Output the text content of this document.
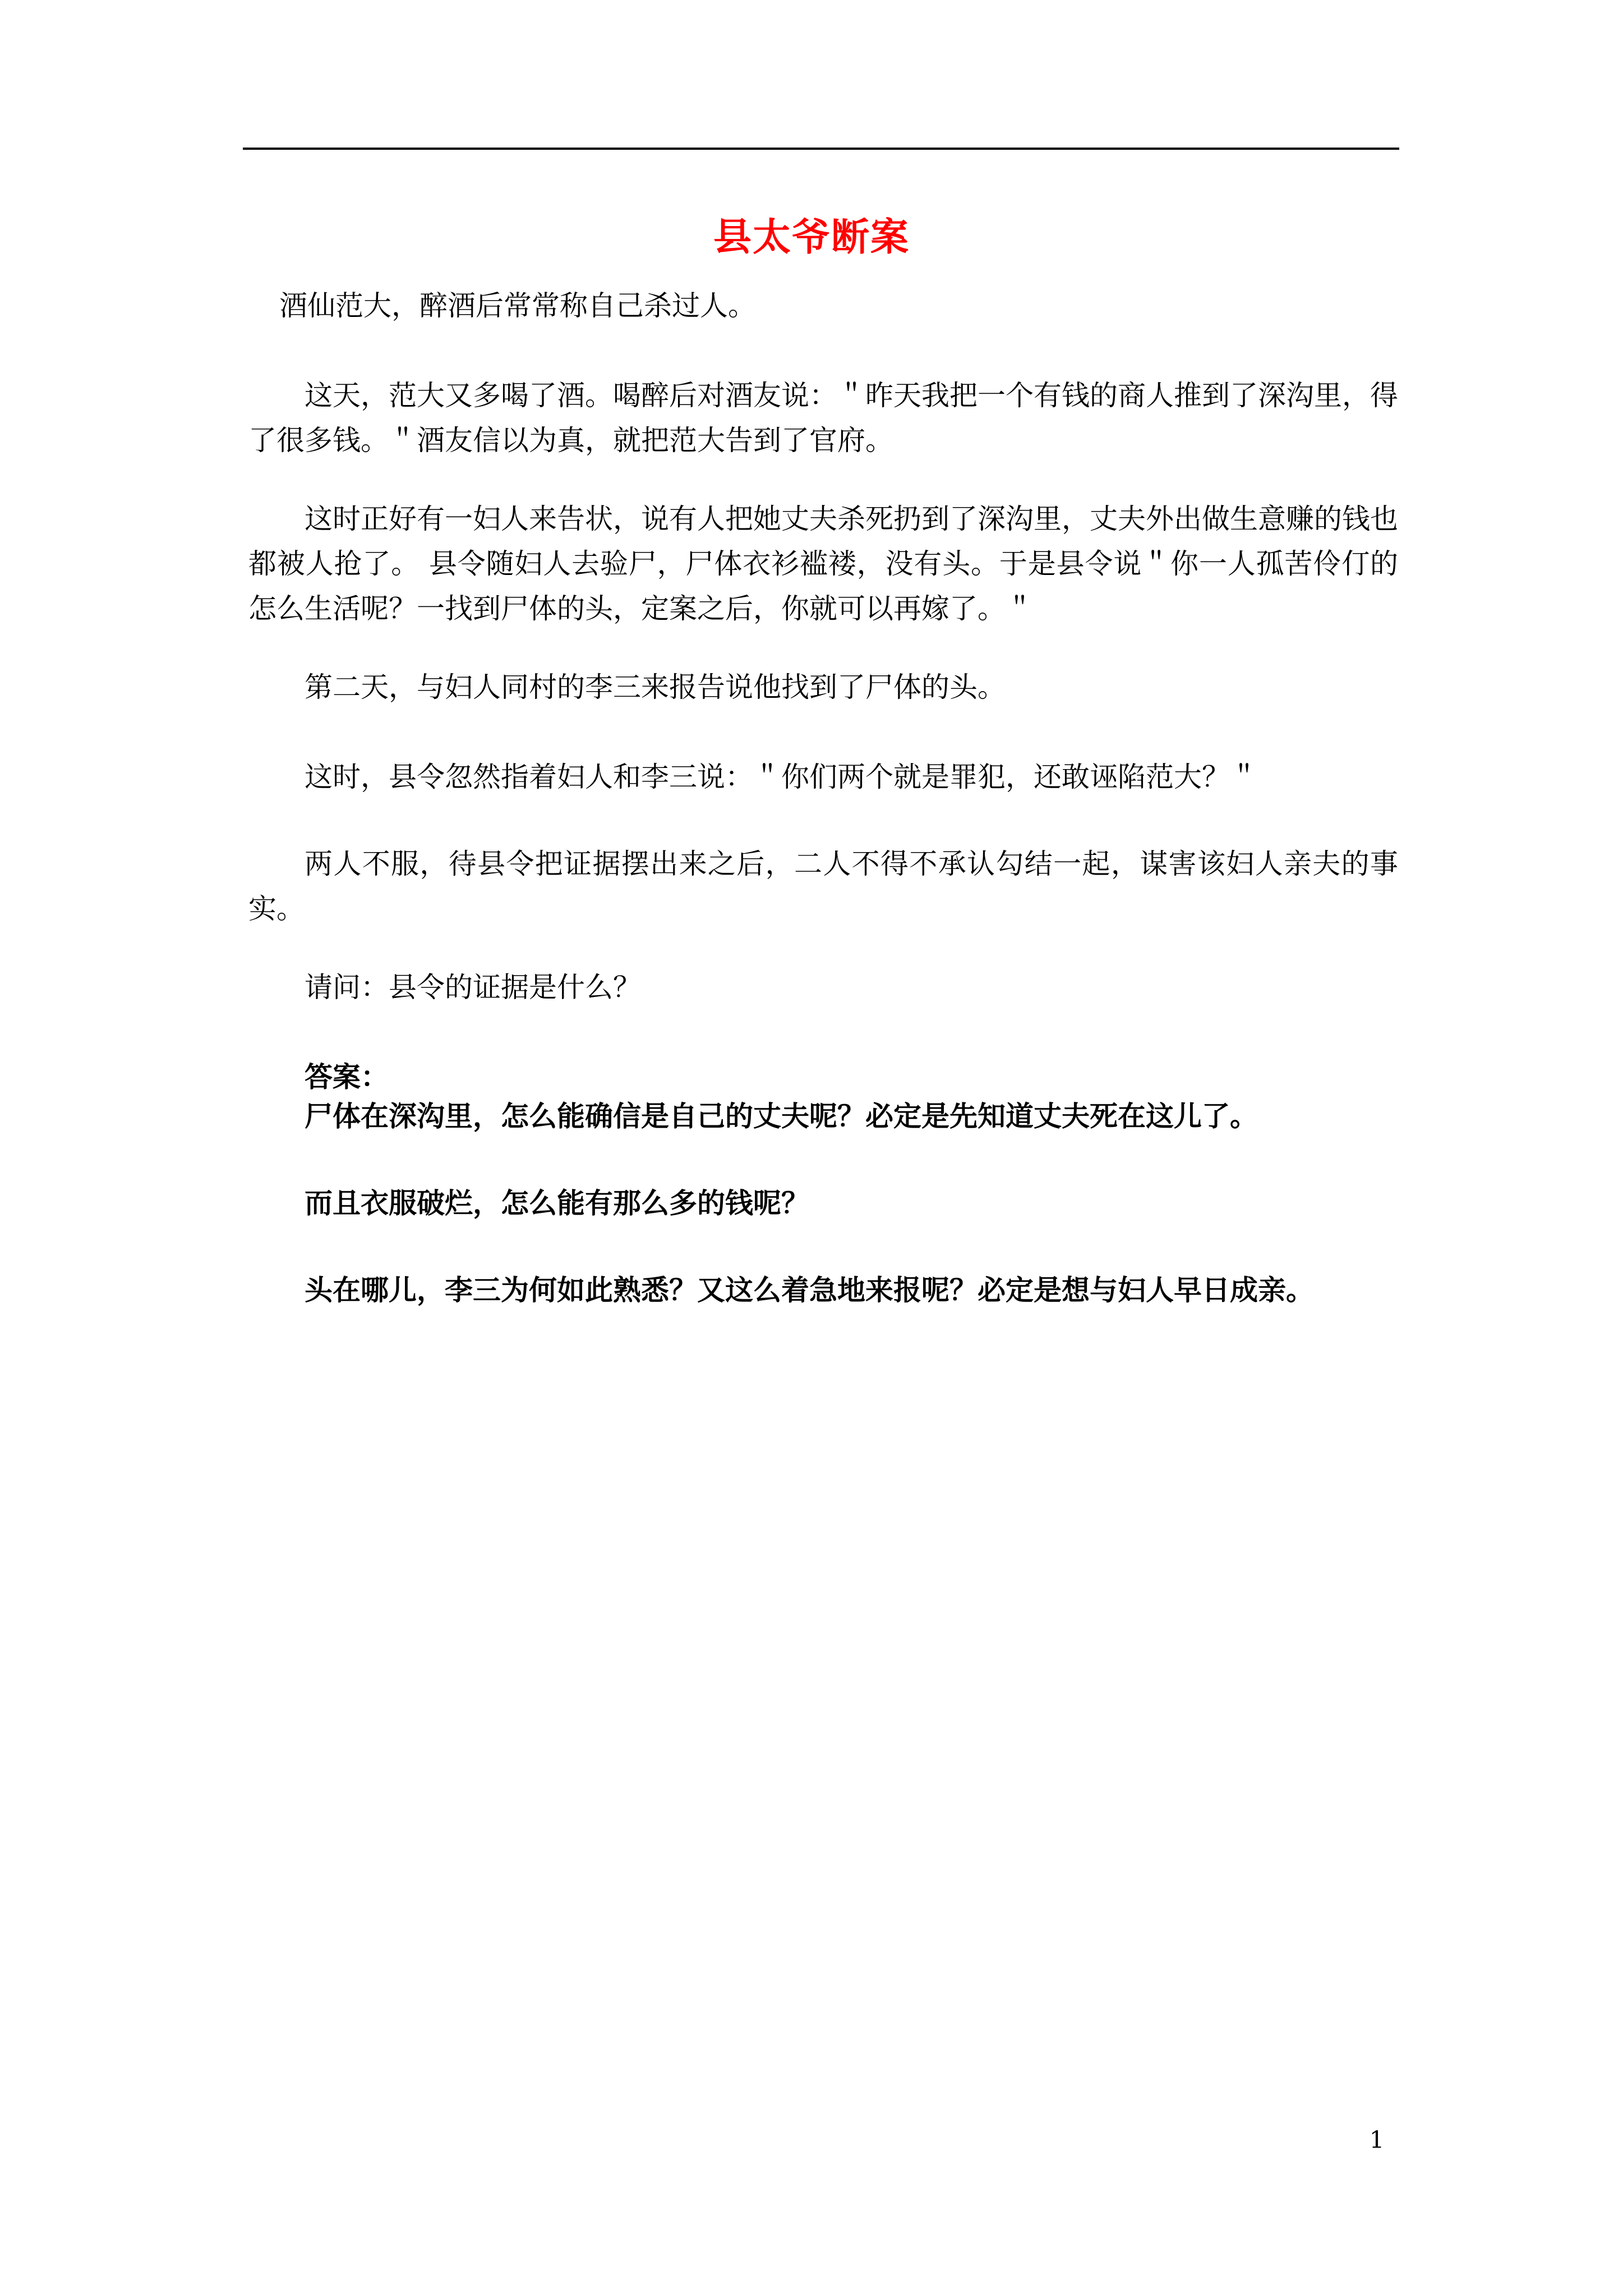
县太爷断案

酒仙范大，醉酒后常常称自己杀过人。

这天，范大又多喝了酒。喝醉后对酒友说：＂昨天我把一个有钱的商人推到了深沟里，得了很多钱。＂酒友信以为真，就把范大告到了官府。

这时正好有一妇人来告状，说有人把她丈夫杀死扔到了深沟里，丈夫外出做生意赚的钱也都被人抢了。 县令随妇人去验尸，尸体衣衫褴褛，没有头。于是县令说＂你一人孤苦伶仃的怎么生活呢？一找到尸体的头，定案之后，你就可以再嫁了。＂

第二天，与妇人同村的李三来报告说他找到了尸体的头。

这时，县令忽然指着妇人和李三说：＂你们两个就是罪犯，还敢诬陷范大？＂

两人不服，待县令把证据摆出来之后，二人不得不承认勾结一起，谋害该妇人亲夫的事实。

请问：县令的证据是什么？

答案：

尸体在深沟里，怎么能确信是自己的丈夫呢？必定是先知道丈夫死在这儿了。

而且衣服破烂，怎么能有那么多的钱呢？

头在哪儿，李三为何如此熟悉？又这么着急地来报呢？必定是想与妇人早日成亲。

1
